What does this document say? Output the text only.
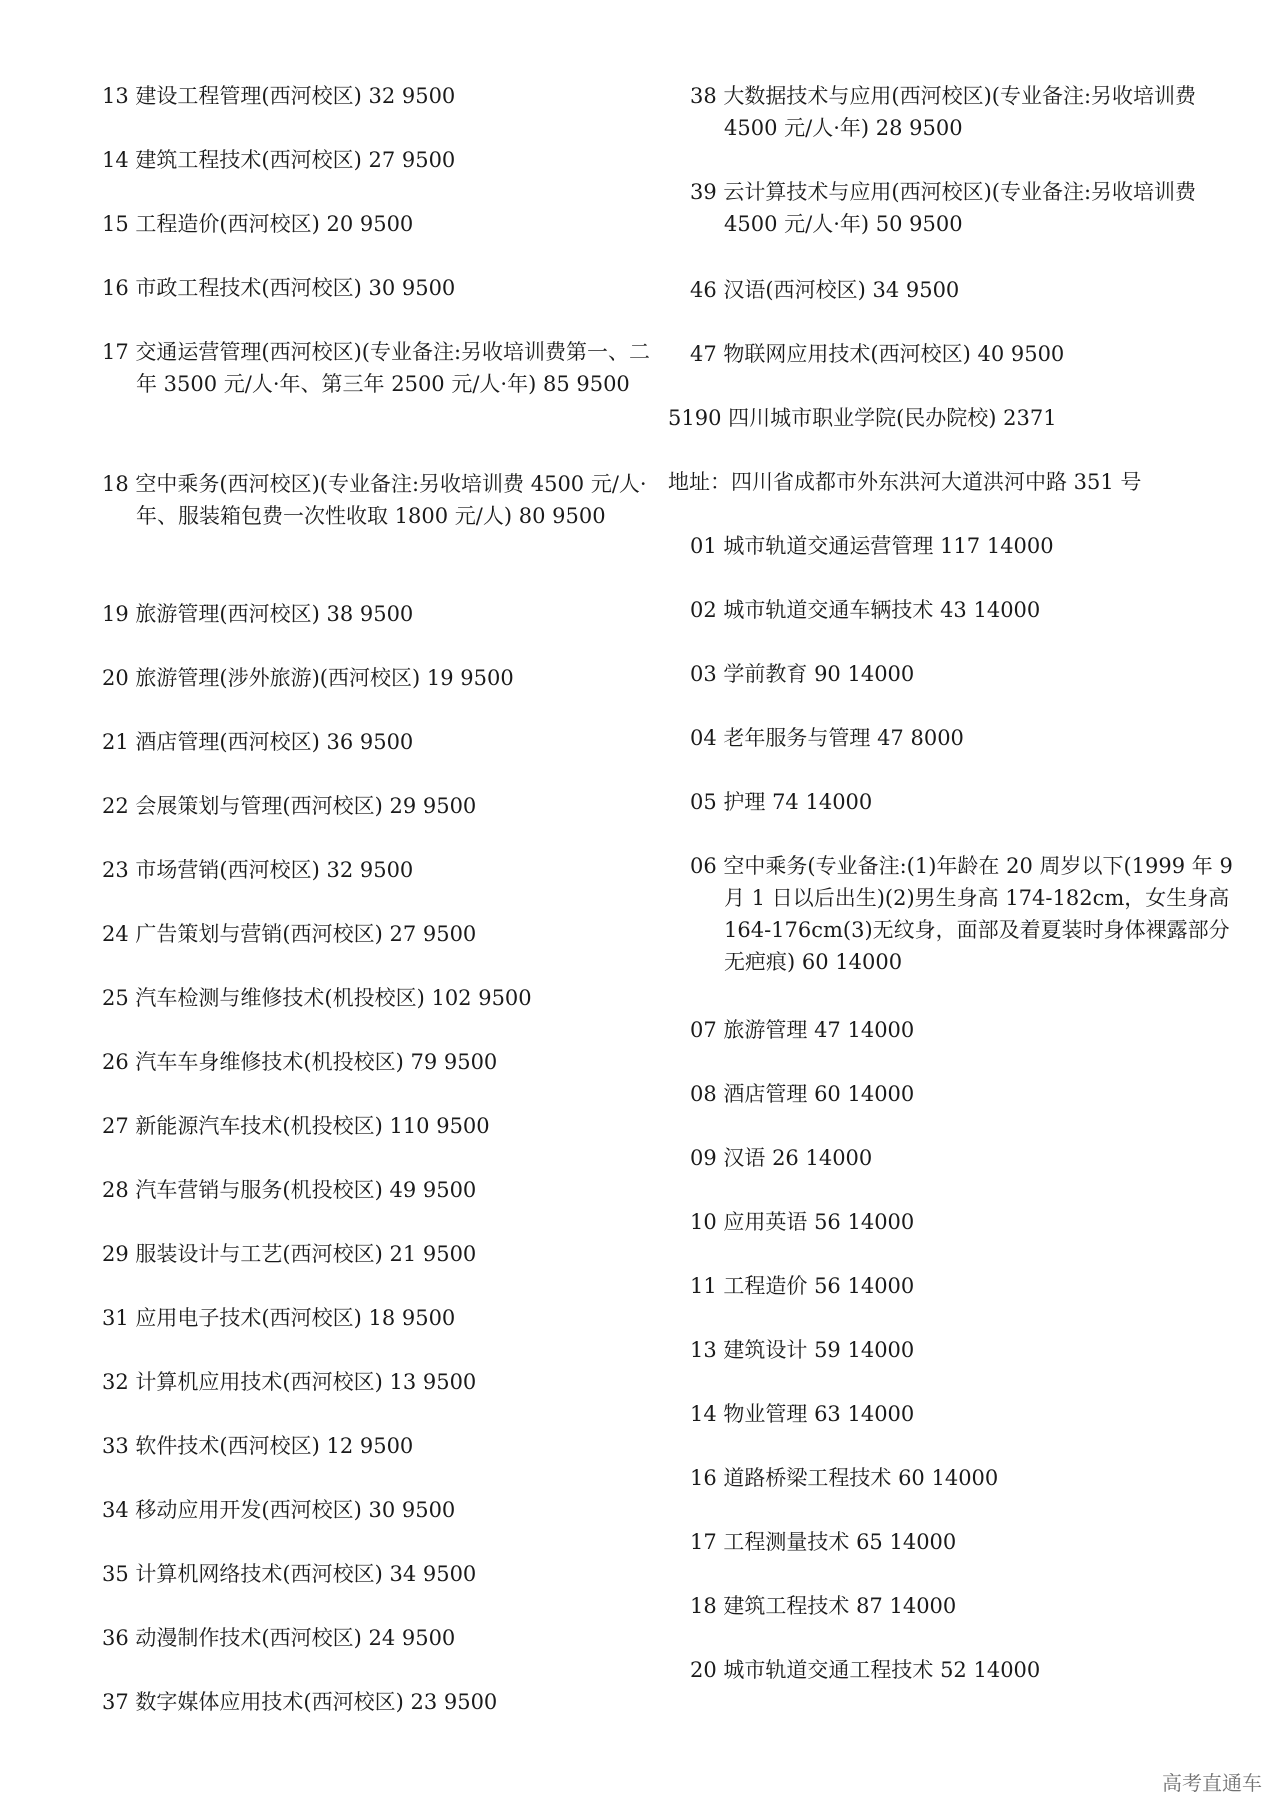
13 建设工程管理(西河校区) 32 9500
14 建筑工程技术(西河校区) 27 9500
15 工程造价(西河校区) 20 9500
16 市政工程技术(西河校区) 30 9500
17 交通运营管理(西河校区)(专业备注:另收培训费第一、二年 3500 元/人·年、第三年 2500 元/人·年) 85 9500
18 空中乘务(西河校区)(专业备注:另收培训费 4500 元/人·年、服装箱包费一次性收取 1800 元/人) 80 9500
19 旅游管理(西河校区) 38 9500
20 旅游管理(涉外旅游)(西河校区) 19 9500
21 酒店管理(西河校区) 36 9500
22 会展策划与管理(西河校区) 29 9500
23 市场营销(西河校区) 32 9500
24 广告策划与营销(西河校区) 27 9500
25 汽车检测与维修技术(机投校区) 102 9500
26 汽车车身维修技术(机投校区) 79 9500
27 新能源汽车技术(机投校区) 110 9500
28 汽车营销与服务(机投校区) 49 9500
29 服装设计与工艺(西河校区) 21 9500
31 应用电子技术(西河校区) 18 9500
32 计算机应用技术(西河校区) 13 9500
33 软件技术(西河校区) 12 9500
34 移动应用开发(西河校区) 30 9500
35 计算机网络技术(西河校区) 34 9500
36 动漫制作技术(西河校区) 24 9500
37 数字媒体应用技术(西河校区) 23 9500
38 大数据技术与应用(西河校区)(专业备注:另收培训费 4500 元/人·年) 28 9500
39 云计算技术与应用(西河校区)(专业备注:另收培训费 4500 元/人·年) 50 9500
46 汉语(西河校区) 34 9500
47 物联网应用技术(西河校区) 40 9500
5190 四川城市职业学院(民办院校) 2371
地址：四川省成都市外东洪河大道洪河中路 351 号
01 城市轨道交通运营管理 117 14000
02 城市轨道交通车辆技术 43 14000
03 学前教育 90 14000
04 老年服务与管理 47 8000
05 护理 74 14000
06 空中乘务(专业备注:(1)年龄在 20 周岁以下(1999 年 9 月 1 日以后出生)(2)男生身高 174-182cm，女生身高 164-176cm(3)无纹身，面部及着夏装时身体裸露部分无疤痕) 60 14000
07 旅游管理 47 14000
08 酒店管理 60 14000
09 汉语 26 14000
10 应用英语 56 14000
11 工程造价 56 14000
13 建筑设计 59 14000
14 物业管理 63 14000
16 道路桥梁工程技术 60 14000
17 工程测量技术 65 14000
18 建筑工程技术 87 14000
20 城市轨道交通工程技术 52 14000
高考直通车
